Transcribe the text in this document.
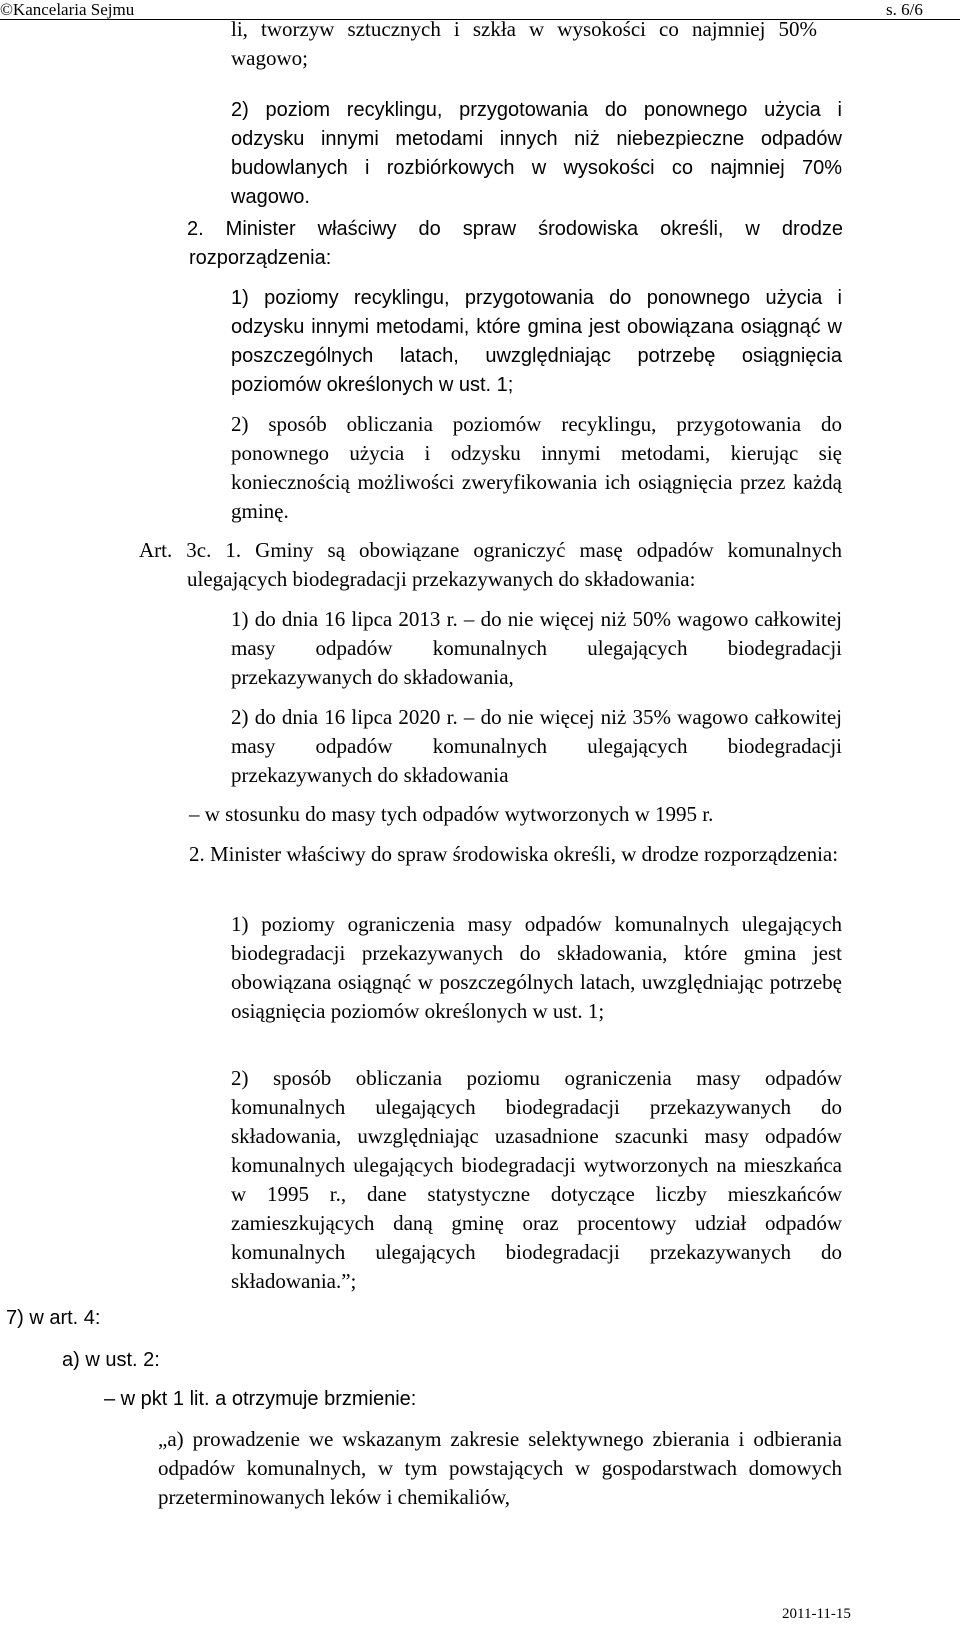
©Kancelaria Sejmu	s. 6/6

li, tworzyw sztucznych i szkła w wysokości co najmniej 50% wagowo;

2) poziom recyklingu, przygotowania do ponownego użycia i odzysku innymi metodami innych niż niebezpieczne odpadów budowlanych i rozbiórkowych w wysokości co najmniej 70% wagowo.

2. Minister właściwy do spraw środowiska określi, w drodze rozporządzenia:

1) poziomy recyklingu, przygotowania do ponownego użycia i odzysku innymi metodami, które gmina jest obowiązana osiągnąć w poszczególnych latach, uwzględniając potrzebę osiągnięcia poziomów określonych w ust. 1;

2) sposób obliczania poziomów recyklingu, przygotowania do ponownego użycia i odzysku innymi metodami, kierując się koniecznością możliwości zweryfikowania ich osiągnięcia przez każdą gminę.

Art. 3c. 1. Gminy są obowiązane ograniczyć masę odpadów komunalnych ulegających biodegradacji przekazywanych do składowania:

1) do dnia 16 lipca 2013 r. – do nie więcej niż 50% wagowo całkowitej masy odpadów komunalnych ulegających biodegradacji przekazywanych do składowania,

2) do dnia 16 lipca 2020 r. – do nie więcej niż 35% wagowo całkowitej masy odpadów komunalnych ulegających biodegradacji przekazywanych do składowania

– w stosunku do masy tych odpadów wytworzonych w 1995 r.

2. Minister właściwy do spraw środowiska określi, w drodze rozporządzenia:

1) poziomy ograniczenia masy odpadów komunalnych ulegających biodegradacji przekazywanych do składowania, które gmina jest obowiązana osiągnąć w poszczególnych latach, uwzględniając potrzebę osiągnięcia poziomów określonych w ust. 1;

2) sposób obliczania poziomu ograniczenia masy odpadów komunalnych ulegających biodegradacji przekazywanych do składowania, uwzględniając uzasadnione szacunki masy odpadów komunalnych ulegających biodegradacji wytworzonych na mieszkańca w 1995 r., dane statystyczne dotyczące liczby mieszkańców zamieszkujących daną gminę oraz procentowy udział odpadów komunalnych ulegających biodegradacji przekazywanych do składowania.”;

7) w art. 4:

a) w ust. 2:

– w pkt 1 lit. a otrzymuje brzmienie:

„a) prowadzenie we wskazanym zakresie selektywnego zbierania i odbierania odpadów komunalnych, w tym powstających w gospodarstwach domowych przeterminowanych leków i chemikaliów,

2011-11-15
